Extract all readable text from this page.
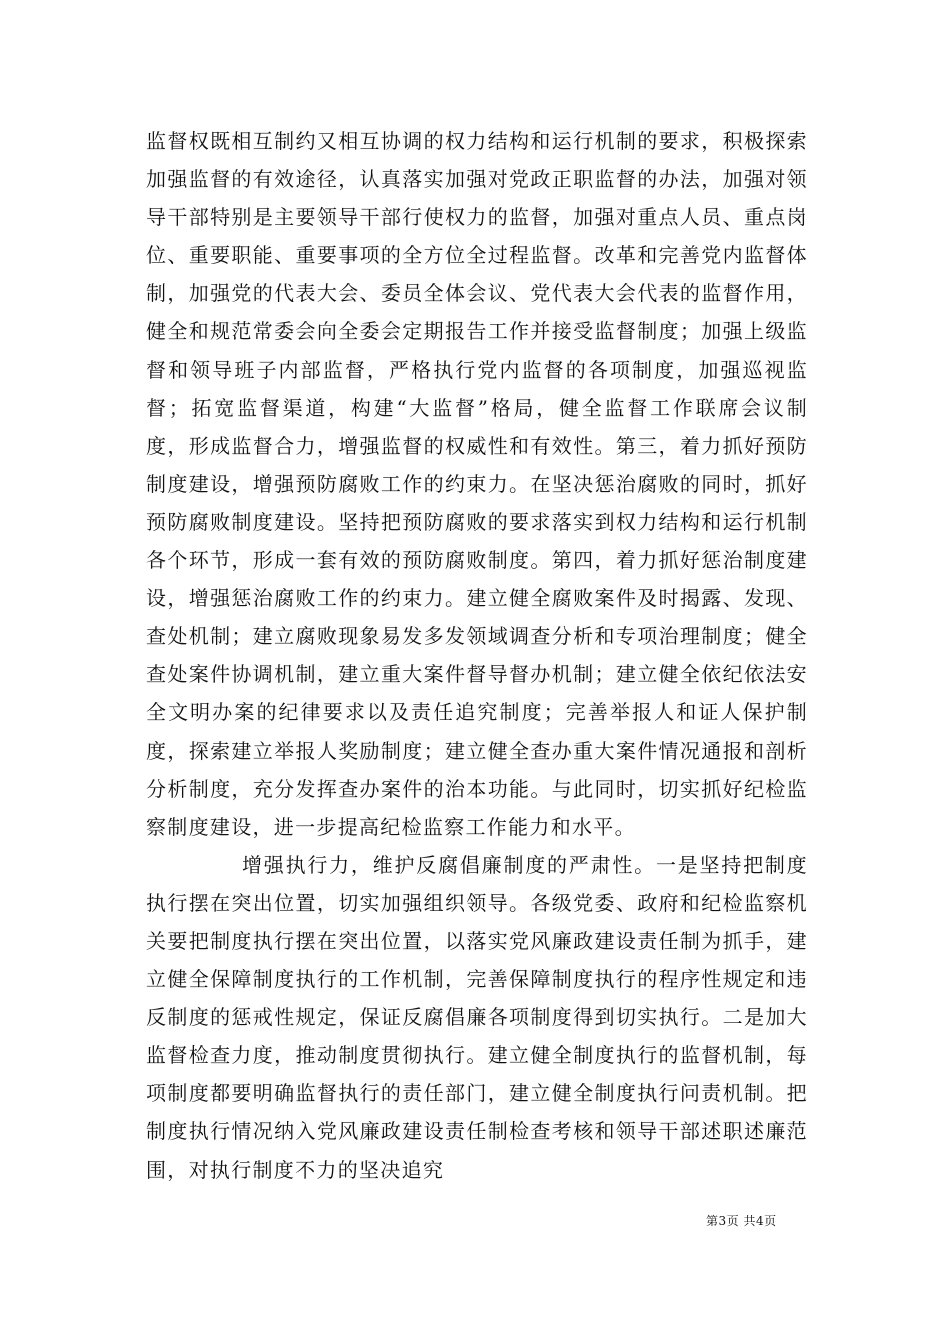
监督权既相互制约又相互协调的权力结构和运行机制的要求，积极探索加强监督的有效途径，认真落实加强对党政正职监督的办法，加强对领导干部特别是主要领导干部行使权力的监督，加强对重点人员、重点岗位、重要职能、重要事项的全方位全过程监督。改革和完善党内监督体制，加强党的代表大会、委员全体会议、党代表大会代表的监督作用，健全和规范常委会向全委会定期报告工作并接受监督制度；加强上级监督和领导班子内部监督，严格执行党内监督的各项制度，加强巡视监督；拓宽监督渠道，构建“大监督”格局，健全监督工作联席会议制度，形成监督合力，增强监督的权威性和有效性。第三，着力抓好预防制度建设，增强预防腐败工作的约束力。在坚决惩治腐败的同时，抓好预防腐败制度建设。坚持把预防腐败的要求落实到权力结构和运行机制各个环节，形成一套有效的预防腐败制度。第四，着力抓好惩治制度建设，增强惩治腐败工作的约束力。建立健全腐败案件及时揭露、发现、查处机制；建立腐败现象易发多发领域调查分析和专项治理制度；健全查处案件协调机制，建立重大案件督导督办机制；建立健全依纪依法安全文明办案的纪律要求以及责任追究制度；完善举报人和证人保护制度，探索建立举报人奖励制度；建立健全查办重大案件情况通报和剖析分析制度，充分发挥查办案件的治本功能。与此同时，切实抓好纪检监察制度建设，进一步提高纪检监察工作能力和水平。

增强执行力，维护反腐倡廉制度的严肃性。一是坚持把制度执行摆在突出位置，切实加强组织领导。各级党委、政府和纪检监察机关要把制度执行摆在突出位置，以落实党风廉政建设责任制为抓手，建立健全保障制度执行的工作机制，完善保障制度执行的程序性规定和违反制度的惩戒性规定，保证反腐倡廉各项制度得到切实执行。二是加大监督检查力度，推动制度贯彻执行。建立健全制度执行的监督机制，每项制度都要明确监督执行的责任部门，建立健全制度执行问责机制。把制度执行情况纳入党风廉政建设责任制检查考核和领导干部述职述廉范围，对执行制度不力的坚决追究

第3页 共4页
